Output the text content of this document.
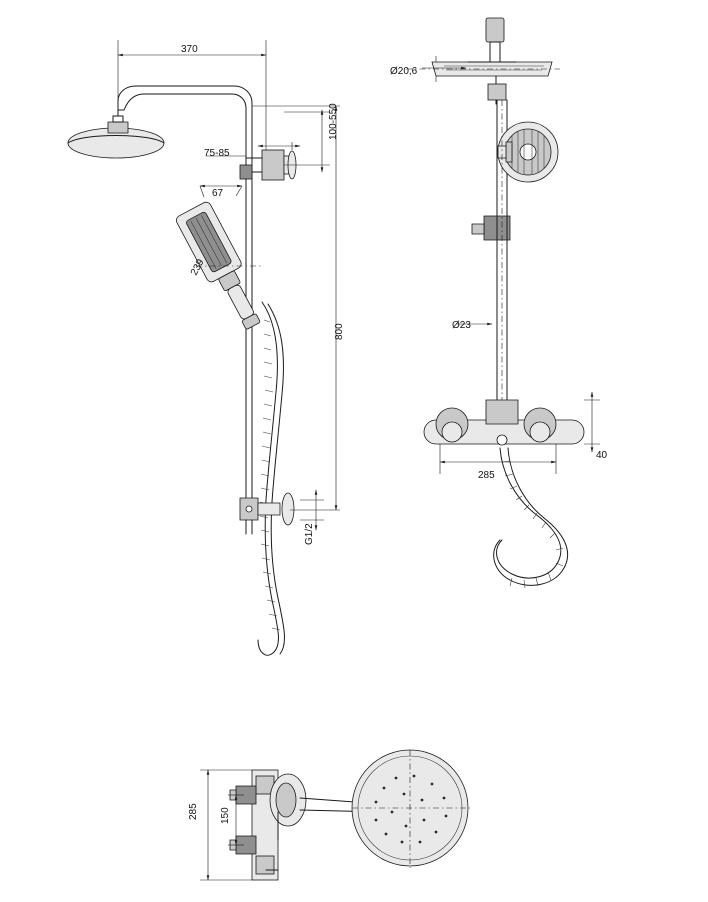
370
75-85
67
239
100-550
800
G1/2
Ø20,6
Ø23
285
40
285 150
